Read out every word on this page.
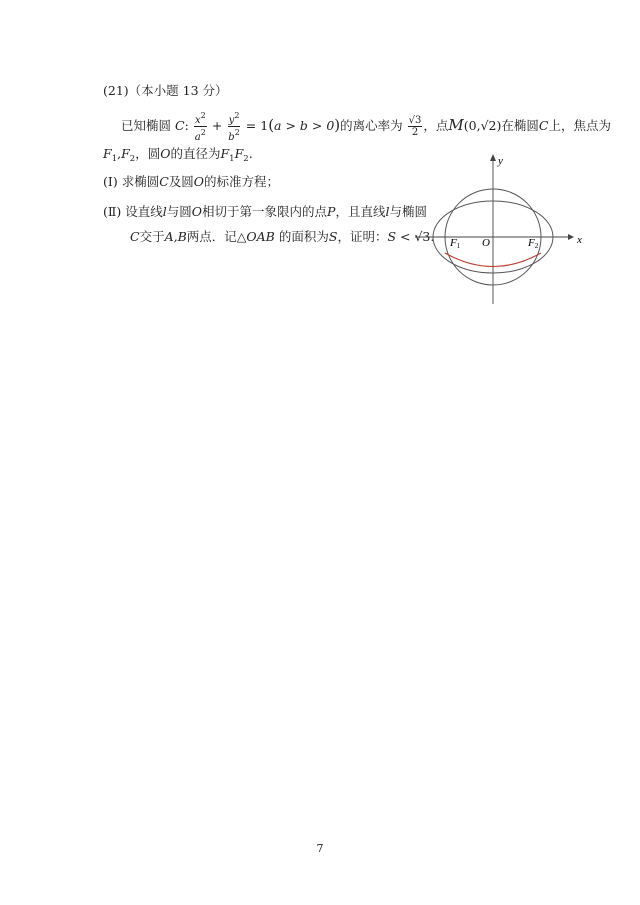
(21)（本小题 13 分）
已知椭圆 C: $\frac{x^2}{a^2} + \frac{y^2}{b^2} = 1(a > b > 0)$的离心率为 $\frac{√3}{2}$ ，点M(0,√2)在椭圆C上，焦点为
$F_1,F_2$，圆O的直径为$F_1F_2$.
(Ⅰ) 求椭圆C及圆O的标准方程；
(Ⅱ) 设直线l与圆O相切于第一象限内的点P，且直线l与椭圆
C交于A,B两点．记△OAB 的面积为S，证明：S < √3.	x
y
O
F1	F2
7
